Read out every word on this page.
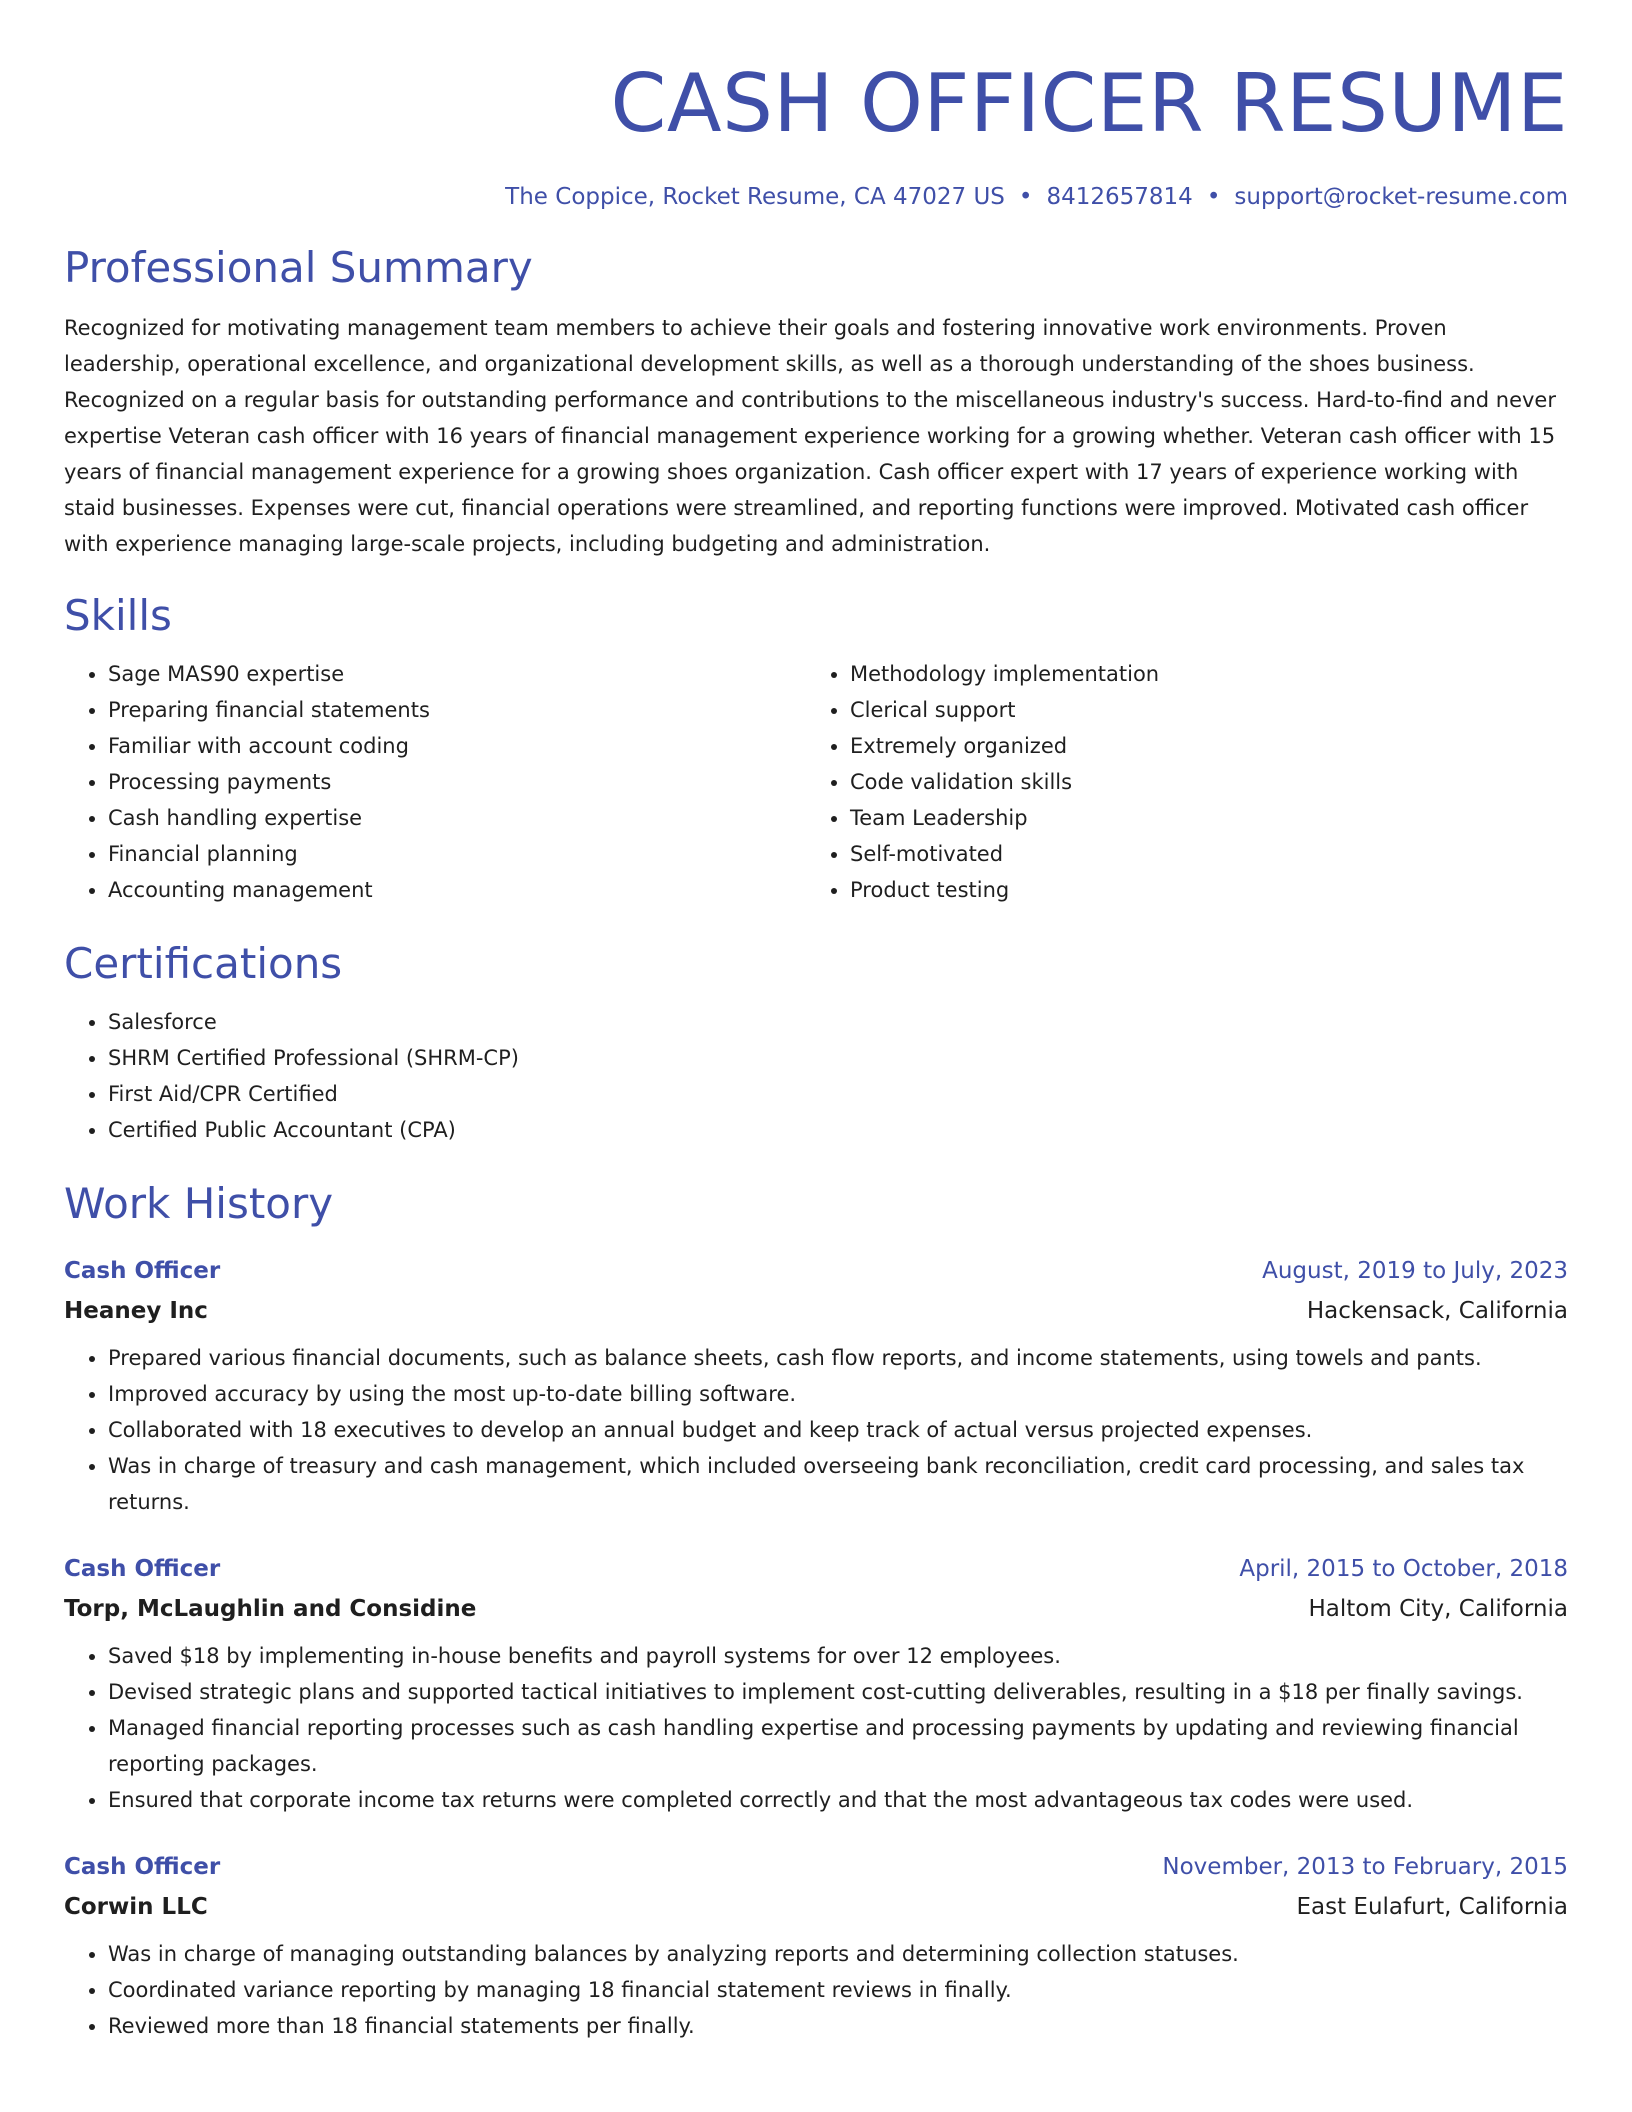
CASH OFFICER RESUME
The Coppice, Rocket Resume, CA 47027 US • 8412657814 • support@rocket-resume.com
Professional Summary

Recognized for motivating management team members to achieve their goals and fostering innovative work environments. Proven leadership, operational excellence, and organizational development skills, as well as a thorough understanding of the shoes business. Recognized on a regular basis for outstanding performance and contributions to the miscellaneous industry's success. Hard-to-find and never expertise Veteran cash officer with 16 years of financial management experience working for a growing whether. Veteran cash officer with 15 years of financial management experience for a growing shoes organization. Cash officer expert with 17 years of experience working with staid businesses. Expenses were cut, financial operations were streamlined, and reporting functions were improved. Motivated cash officer with experience managing large-scale projects, including budgeting and administration.

Skills
• Sage MAS90 expertise
• Preparing financial statements
• Familiar with account coding
• Processing payments
• Cash handling expertise
• Financial planning
• Accounting management
• Methodology implementation
• Clerical support
• Extremely organized
• Code validation skills
• Team Leadership
• Self-motivated
• Product testing
Certifications
• Salesforce
• SHRM Certified Professional (SHRM-CP)
• First Aid/CPR Certified
• Certified Public Accountant (CPA)
Work History
Cash Officer	August, 2019 to July, 2023
Heaney Inc	Hackensack, California
• Prepared various financial documents, such as balance sheets, cash flow reports, and income statements, using towels and pants.
• Improved accuracy by using the most up-to-date billing software.
• Collaborated with 18 executives to develop an annual budget and keep track of actual versus projected expenses.
• Was in charge of treasury and cash management, which included overseeing bank reconciliation, credit card processing, and sales tax returns.
Cash Officer	April, 2015 to October, 2018
Torp, McLaughlin and Considine	Haltom City, California
• Saved $18 by implementing in-house benefits and payroll systems for over 12 employees.
• Devised strategic plans and supported tactical initiatives to implement cost-cutting deliverables, resulting in a $18 per finally savings.
• Managed financial reporting processes such as cash handling expertise and processing payments by updating and reviewing financial reporting packages.
• Ensured that corporate income tax returns were completed correctly and that the most advantageous tax codes were used.
Cash Officer	November, 2013 to February, 2015
Corwin LLC	East Eulafurt, California
• Was in charge of managing outstanding balances by analyzing reports and determining collection statuses.
• Coordinated variance reporting by managing 18 financial statement reviews in finally.
• Reviewed more than 18 financial statements per finally.
